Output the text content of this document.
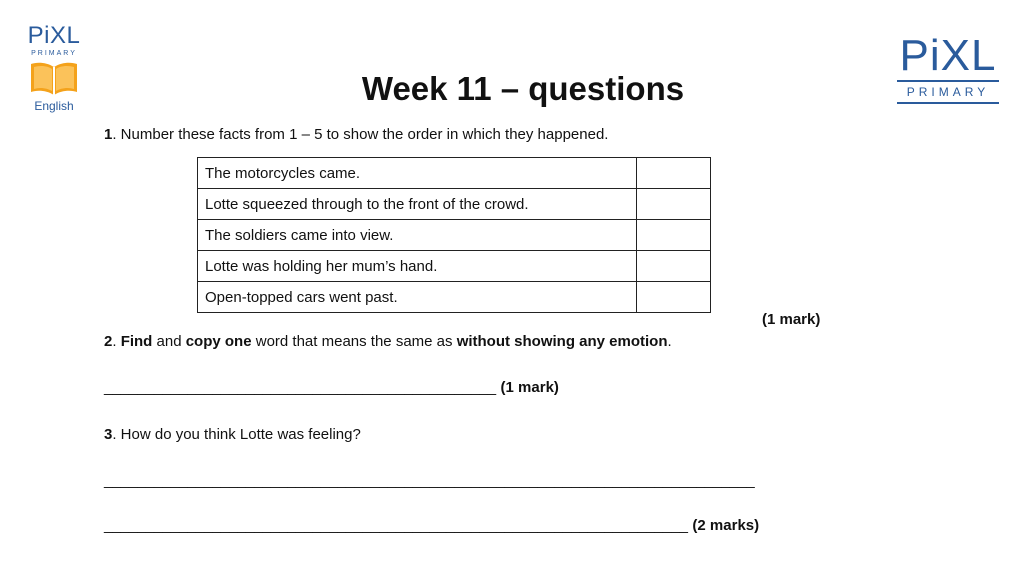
PiXL
PRIMARY
English
PiXL
PRIMARY
Week 11 – questions
1. Number these facts from 1 – 5 to show the order in which they happened.
The motorcycles came.	
Lotte squeezed through to the front of the crowd.	
The soldiers came into view.	
Lotte was holding her mum’s hand.	
Open-topped cars went past.	
(1 mark)
2. Find and copy one word that means the same as without showing any emotion.
_______________________________________________ (1 mark)
3. How do you think Lotte was feeling?
______________________________________________________________________________
______________________________________________________________________ (2 marks)
